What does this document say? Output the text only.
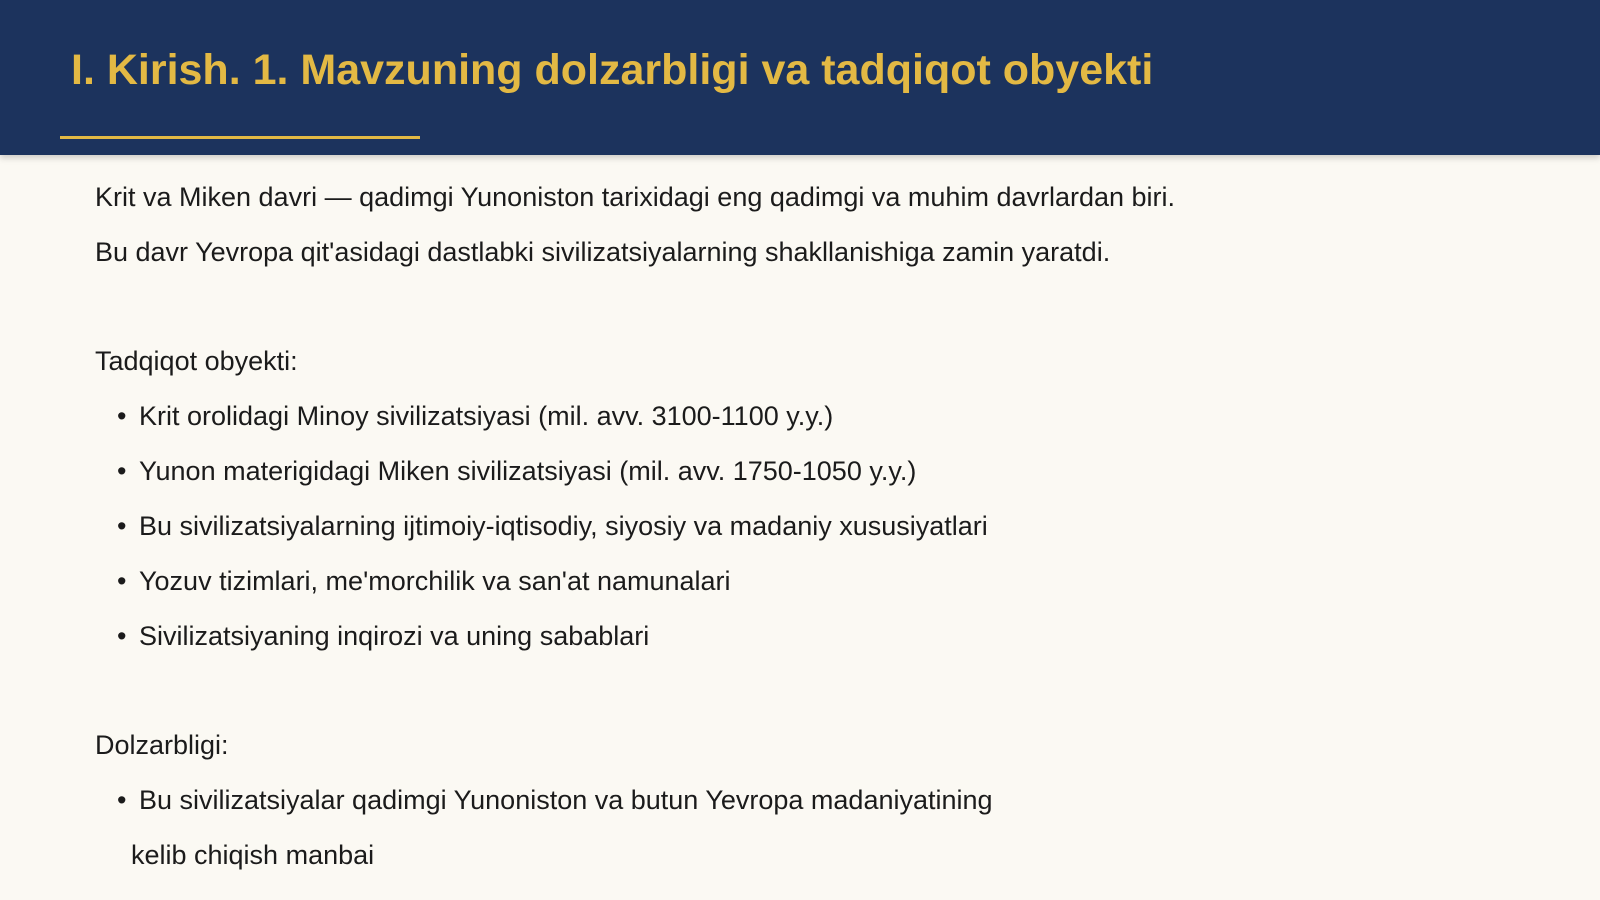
I. Kirish. 1. Mavzuning dolzarbligi va tadqiqot obyekti

Krit va Miken davri — qadimgi Yunoniston tarixidagi eng qadimgi va muhim davrlardan biri.

Bu davr Yevropa qit'asidagi dastlabki sivilizatsiyalarning shakllanishiga zamin yaratdi.

Tadqiqot obyekti:

• Krit orolidagi Minoy sivilizatsiyasi (mil. avv. 3100-1100 y.y.)

• Yunon materigidagi Miken sivilizatsiyasi (mil. avv. 1750-1050 y.y.)

• Bu sivilizatsiyalarning ijtimoiy-iqtisodiy, siyosiy va madaniy xususiyatlari

• Yozuv tizimlari, me'morchilik va san'at namunalari

• Sivilizatsiyaning inqirozi va uning sabablari

Dolzarbligi:

• Bu sivilizatsiyalar qadimgi Yunoniston va butun Yevropa madaniyatining

kelib chiqish manbai
